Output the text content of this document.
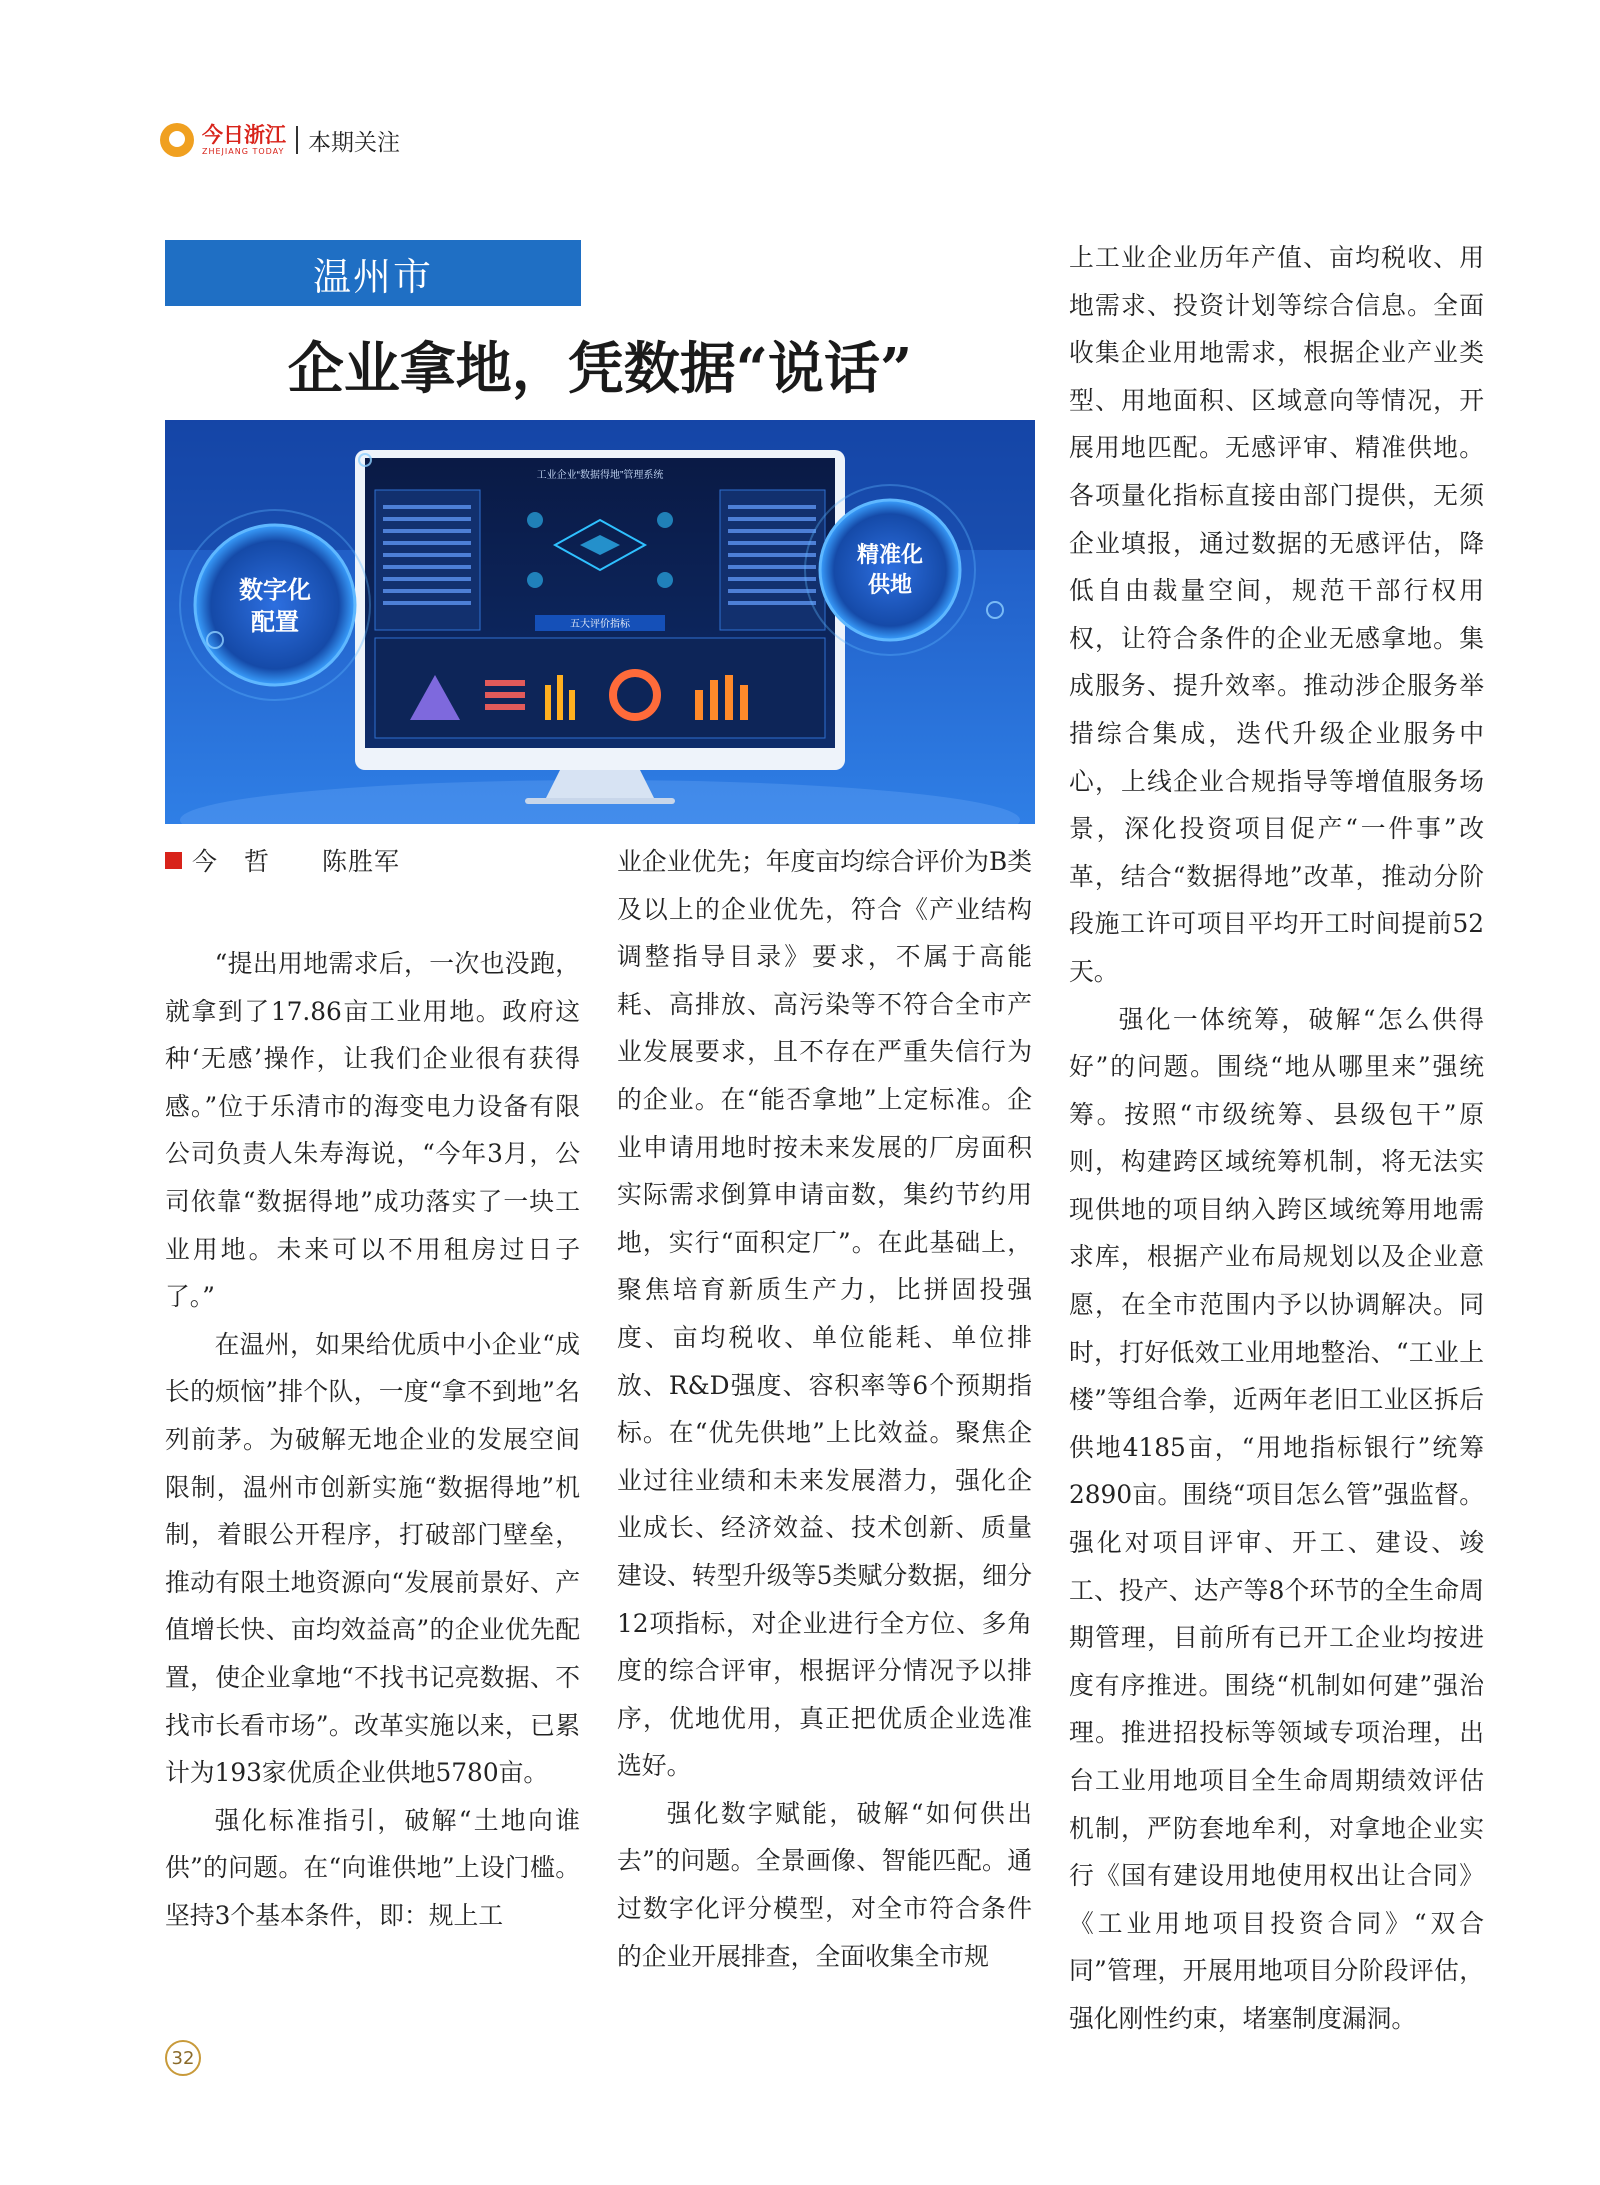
今日浙江
ZHEJIANG TODAY 本期关注
温州市
企业拿地，凭数据“说话”
工业企业“数据得地”管理系统
五大评价指标
数字化
配置
精准化
供地
今　哲　　陈胜军

“提出用地需求后，一次也没跑，就拿到了17.86亩工业用地。政府这种‘无感’操作，让我们企业很有获得感。”位于乐清市的海变电力设备有限公司负责人朱寿海说，“今年3月，公司依靠“数据得地”成功落实了一块工业用地。未来可以不用租房过日子了。”

在温州，如果给优质中小企业“成长的烦恼”排个队，一度“拿不到地”名列前茅。为破解无地企业的发展空间限制，温州市创新实施“数据得地”机制，着眼公开程序，打破部门壁垒，推动有限土地资源向“发展前景好、产值增长快、亩均效益高”的企业优先配置，使企业拿地“不找书记亮数据、不找市长看市场”。改革实施以来，已累计为193家优质企业供地5780亩。

强化标准指引，破解“土地向谁供”的问题。在“向谁供地”上设门槛。坚持3个基本条件，即：规上工

业企业优先；年度亩均综合评价为B类及以上的企业优先，符合《产业结构调整指导目录》要求，不属于高能耗、高排放、高污染等不符合全市产业发展要求，且不存在严重失信行为的企业。在“能否拿地”上定标准。企业申请用地时按未来发展的厂房面积实际需求倒算申请亩数，集约节约用地，实行“面积定厂”。在此基础上，聚焦培育新质生产力，比拼固投强度、亩均税收、单位能耗、单位排放、R&D强度、容积率等6个预期指标。在“优先供地”上比效益。聚焦企业过往业绩和未来发展潜力，强化企业成长、经济效益、技术创新、质量建设、转型升级等5类赋分数据，细分12项指标，对企业进行全方位、多角度的综合评审，根据评分情况予以排序，优地优用，真正把优质企业选准选好。

强化数字赋能，破解“如何供出去”的问题。全景画像、智能匹配。通过数字化评分模型，对全市符合条件的企业开展排查，全面收集全市规

上工业企业历年产值、亩均税收、用地需求、投资计划等综合信息。全面收集企业用地需求，根据企业产业类型、用地面积、区域意向等情况，开展用地匹配。无感评审、精准供地。各项量化指标直接由部门提供，无须企业填报，通过数据的无感评估，降低自由裁量空间，规范干部行权用权，让符合条件的企业无感拿地。集成服务、提升效率。推动涉企服务举措综合集成，迭代升级企业服务中心，上线企业合规指导等增值服务场景，深化投资项目促产“一件事”改革，结合“数据得地”改革，推动分阶段施工许可项目平均开工时间提前52天。

强化一体统筹，破解“怎么供得好”的问题。围绕“地从哪里来”强统筹。按照“市级统筹、县级包干”原则，构建跨区域统筹机制，将无法实现供地的项目纳入跨区域统筹用地需求库，根据产业布局规划以及企业意愿，在全市范围内予以协调解决。同时，打好低效工业用地整治、“工业上楼”等组合拳，近两年老旧工业区拆后供地4185亩，“用地指标银行”统筹2890亩。围绕“项目怎么管”强监督。强化对项目评审、开工、建设、竣工、投产、达产等8个环节的全生命周期管理，目前所有已开工企业均按进度有序推进。围绕“机制如何建”强治理。推进招投标等领域专项治理，出台工业用地项目全生命周期绩效评估机制，严防套地牟利，对拿地企业实行《国有建设用地使用权出让合同》《工业用地项目投资合同》“双合同”管理，开展用地项目分阶段评估，强化刚性约束，堵塞制度漏洞。

32
